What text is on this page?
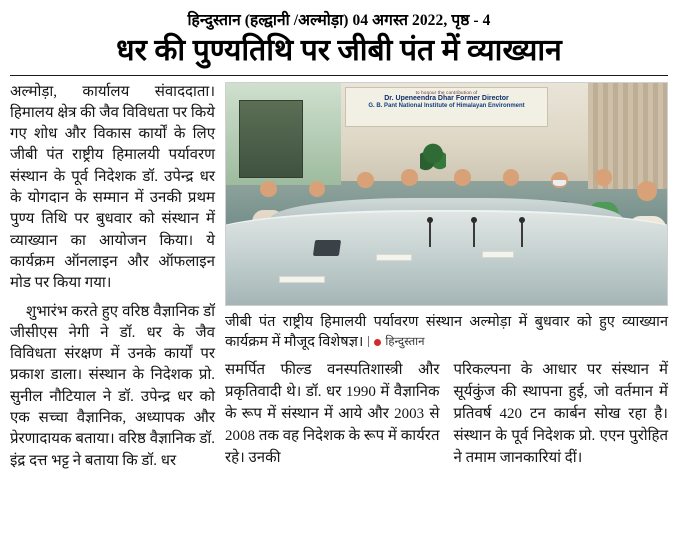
हिन्दुस्तान (हल्द्वानी /अल्मोड़ा) 04 अगस्त 2022, पृष्ठ - 4
धर की पुण्यतिथि पर जीबी पंत में व्याख्यान

अल्मोड़ा, कार्यालय संवाददाता। हिमालय क्षेत्र की जैव विविधता पर किये गए शोध और विकास कार्यों के लिए जीबी पंत राष्ट्रीय हिमालयी पर्यावरण संस्थान के पूर्व निदेशक डॉ. उपेन्द्र धर के योगदान के सम्मान में उनकी प्रथम पुण्य तिथि पर बुधवार को संस्थान में व्याख्यान का आयोजन किया। ये कार्यक्रम ऑनलाइन और ऑफलाइन मोड पर किया गया।

शुभारंभ करते हुए वरिष्ठ वैज्ञानिक डॉ जीसीएस नेगी ने डॉ. धर के जैव विविधता संरक्षण में उनके कार्यों पर प्रकाश डाला। संस्थान के निदेशक प्रो. सुनील नौटियाल ने डॉ. उपेन्द्र धर को एक सच्चा वैज्ञानिक, अध्यापक और प्रेरणादायक बताया। वरिष्ठ वैज्ञानिक डॉ. इंद्र दत्त भट्ट ने बताया कि डॉ. धर

to honour the contribution of
Dr. Upeneendra Dhar Former Director
G. B. Pant National Institute of Himalayan Environment
जीबी पंत राष्ट्रीय हिमालयी पर्यावरण संस्थान अल्मोड़ा में बुधवार को हुए व्याख्यान कार्यक्रम में मौजूद विशेषज्ञ। हिन्दुस्तान

समर्पित फील्ड वनस्पतिशास्त्री और प्रकृतिवादी थे। डॉ. धर 1990 में वैज्ञानिक के रूप में संस्थान में आये और 2003 से 2008 तक वह निदेशक के रूप में कार्यरत रहे। उनकी

परिकल्पना के आधार पर संस्थान में सूर्यकुंज की स्थापना हुई, जो वर्तमान में प्रतिवर्ष 420 टन कार्बन सोख रहा है। संस्थान के पूर्व निदेशक प्रो. एएन पुरोहित ने तमाम जानकारियां दीं।
